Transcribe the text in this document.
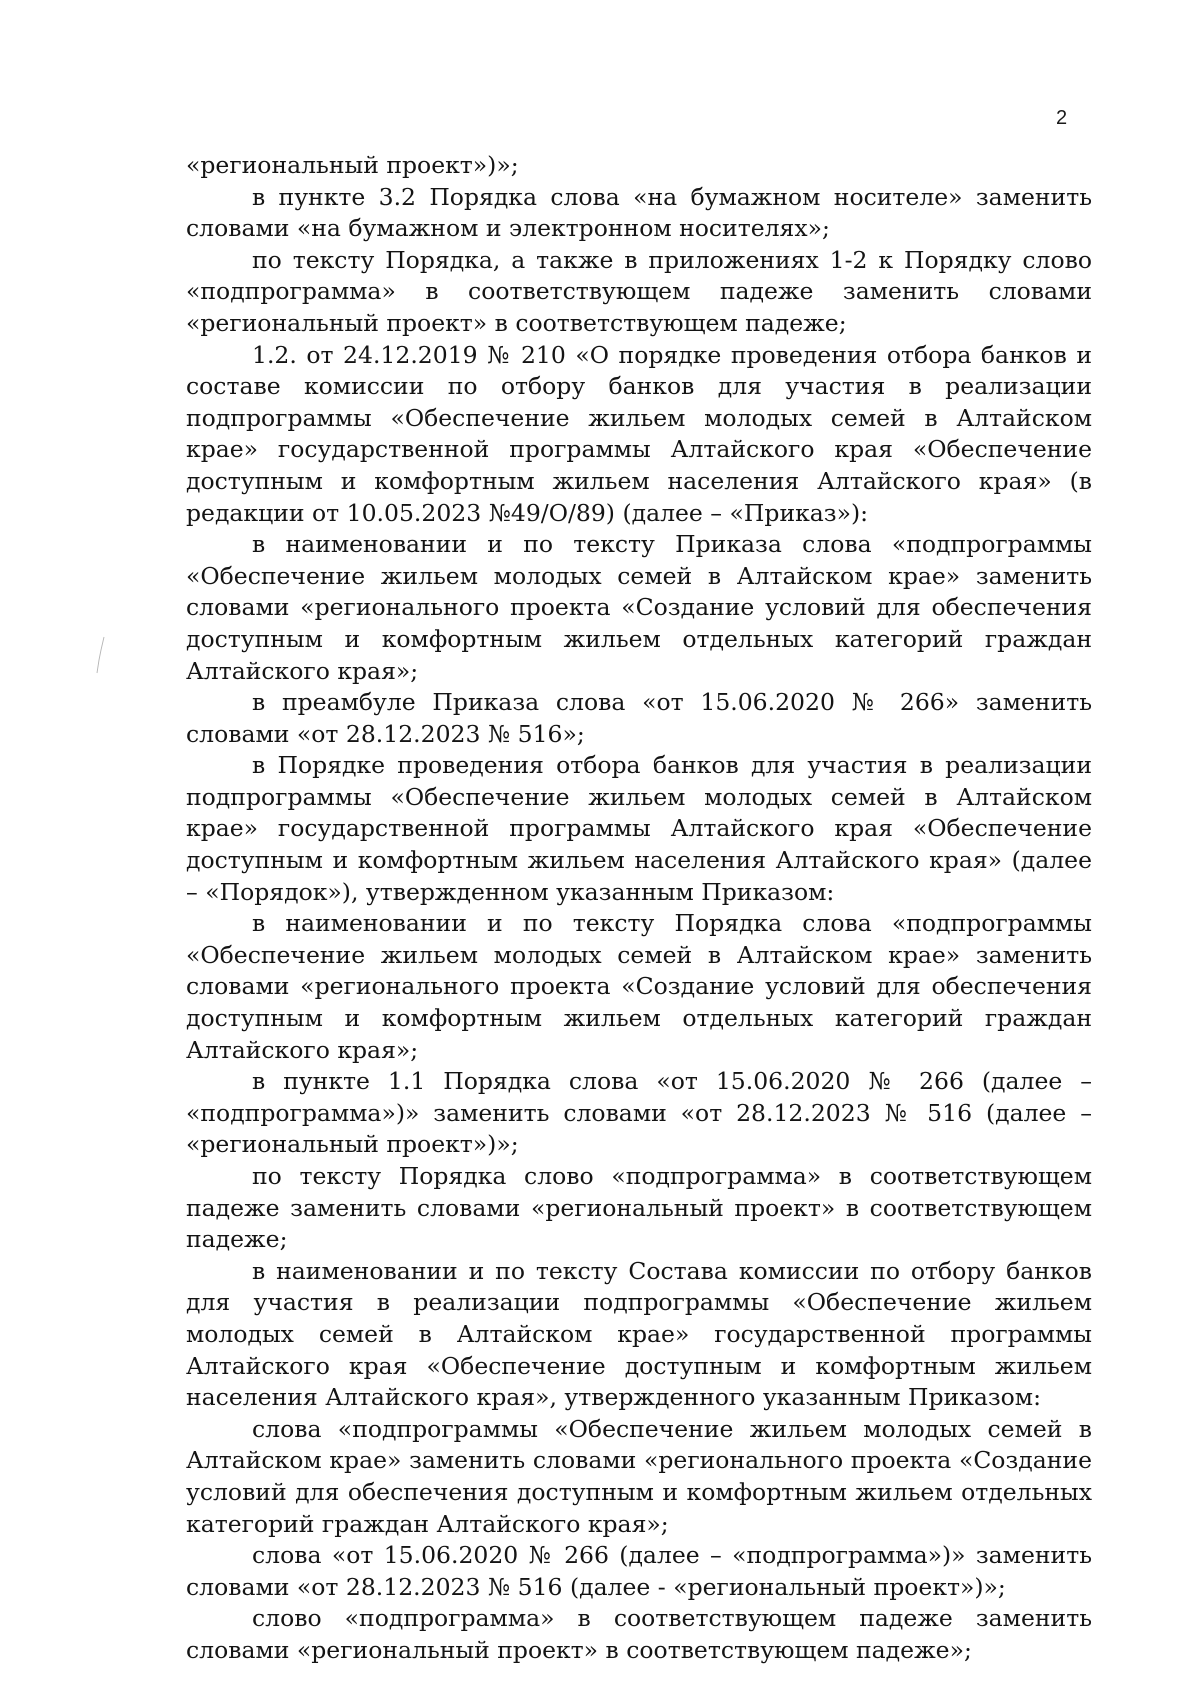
2

«региональный проект»)»;

в пункте 3.2 Порядка слова «на бумажном носителе» заменить словами «на бумажном и электронном носителях»;

по тексту Порядка, а также в приложениях 1-2 к Порядку слово «подпрограмма» в соответствующем падеже заменить словами «региональный проект» в соответствующем падеже;

1.2. от 24.12.2019 № 210 «О порядке проведения отбора банков и составе комиссии по отбору банков для участия в реализации подпрограммы «Обеспечение жильем молодых семей в Алтайском крае» государственной программы Алтайского края «Обеспечение доступным и комфортным жильем населения Алтайского края» (в редакции от 10.05.2023 №49/О/89) (далее – «Приказ»):

в наименовании и по тексту Приказа слова «подпрограммы «Обеспечение жильем молодых семей в Алтайском крае» заменить словами «регионального проекта «Создание условий для обеспечения доступным и комфортным жильем отдельных категорий граждан Алтайского края»;

в преамбуле Приказа слова «от 15.06.2020 № 266» заменить словами «от 28.12.2023 № 516»;

в Порядке проведения отбора банков для участия в реализации подпрограммы «Обеспечение жильем молодых семей в Алтайском крае» государственной программы Алтайского края «Обеспечение доступным и комфортным жильем населения Алтайского края» (далее – «Порядок»), утвержденном указанным Приказом:

в наименовании и по тексту Порядка слова «подпрограммы «Обеспечение жильем молодых семей в Алтайском крае» заменить словами «регионального проекта «Создание условий для обеспечения доступным и комфортным жильем отдельных категорий граждан Алтайского края»;

в пункте 1.1 Порядка слова «от 15.06.2020 № 266 (далее – «подпрограмма»)» заменить словами «от 28.12.2023 № 516 (далее – «региональный проект»)»;

по тексту Порядка слово «подпрограмма» в соответствующем падеже заменить словами «региональный проект» в соответствующем падеже;

в наименовании и по тексту Состава комиссии по отбору банков для участия в реализации подпрограммы «Обеспечение жильем молодых семей в Алтайском крае» государственной программы Алтайского края «Обеспечение доступным и комфортным жильем населения Алтайского края», утвержденного указанным Приказом:

слова «подпрограммы «Обеспечение жильем молодых семей в Алтайском крае» заменить словами «регионального проекта «Создание условий для обеспечения доступным и комфортным жильем отдельных категорий граждан Алтайского края»;

слова «от 15.06.2020 № 266 (далее – «подпрограмма»)» заменить словами «от 28.12.2023 № 516 (далее - «региональный проект»)»;

слово «подпрограмма» в соответствующем падеже заменить словами «региональный проект» в соответствующем падеже»;
